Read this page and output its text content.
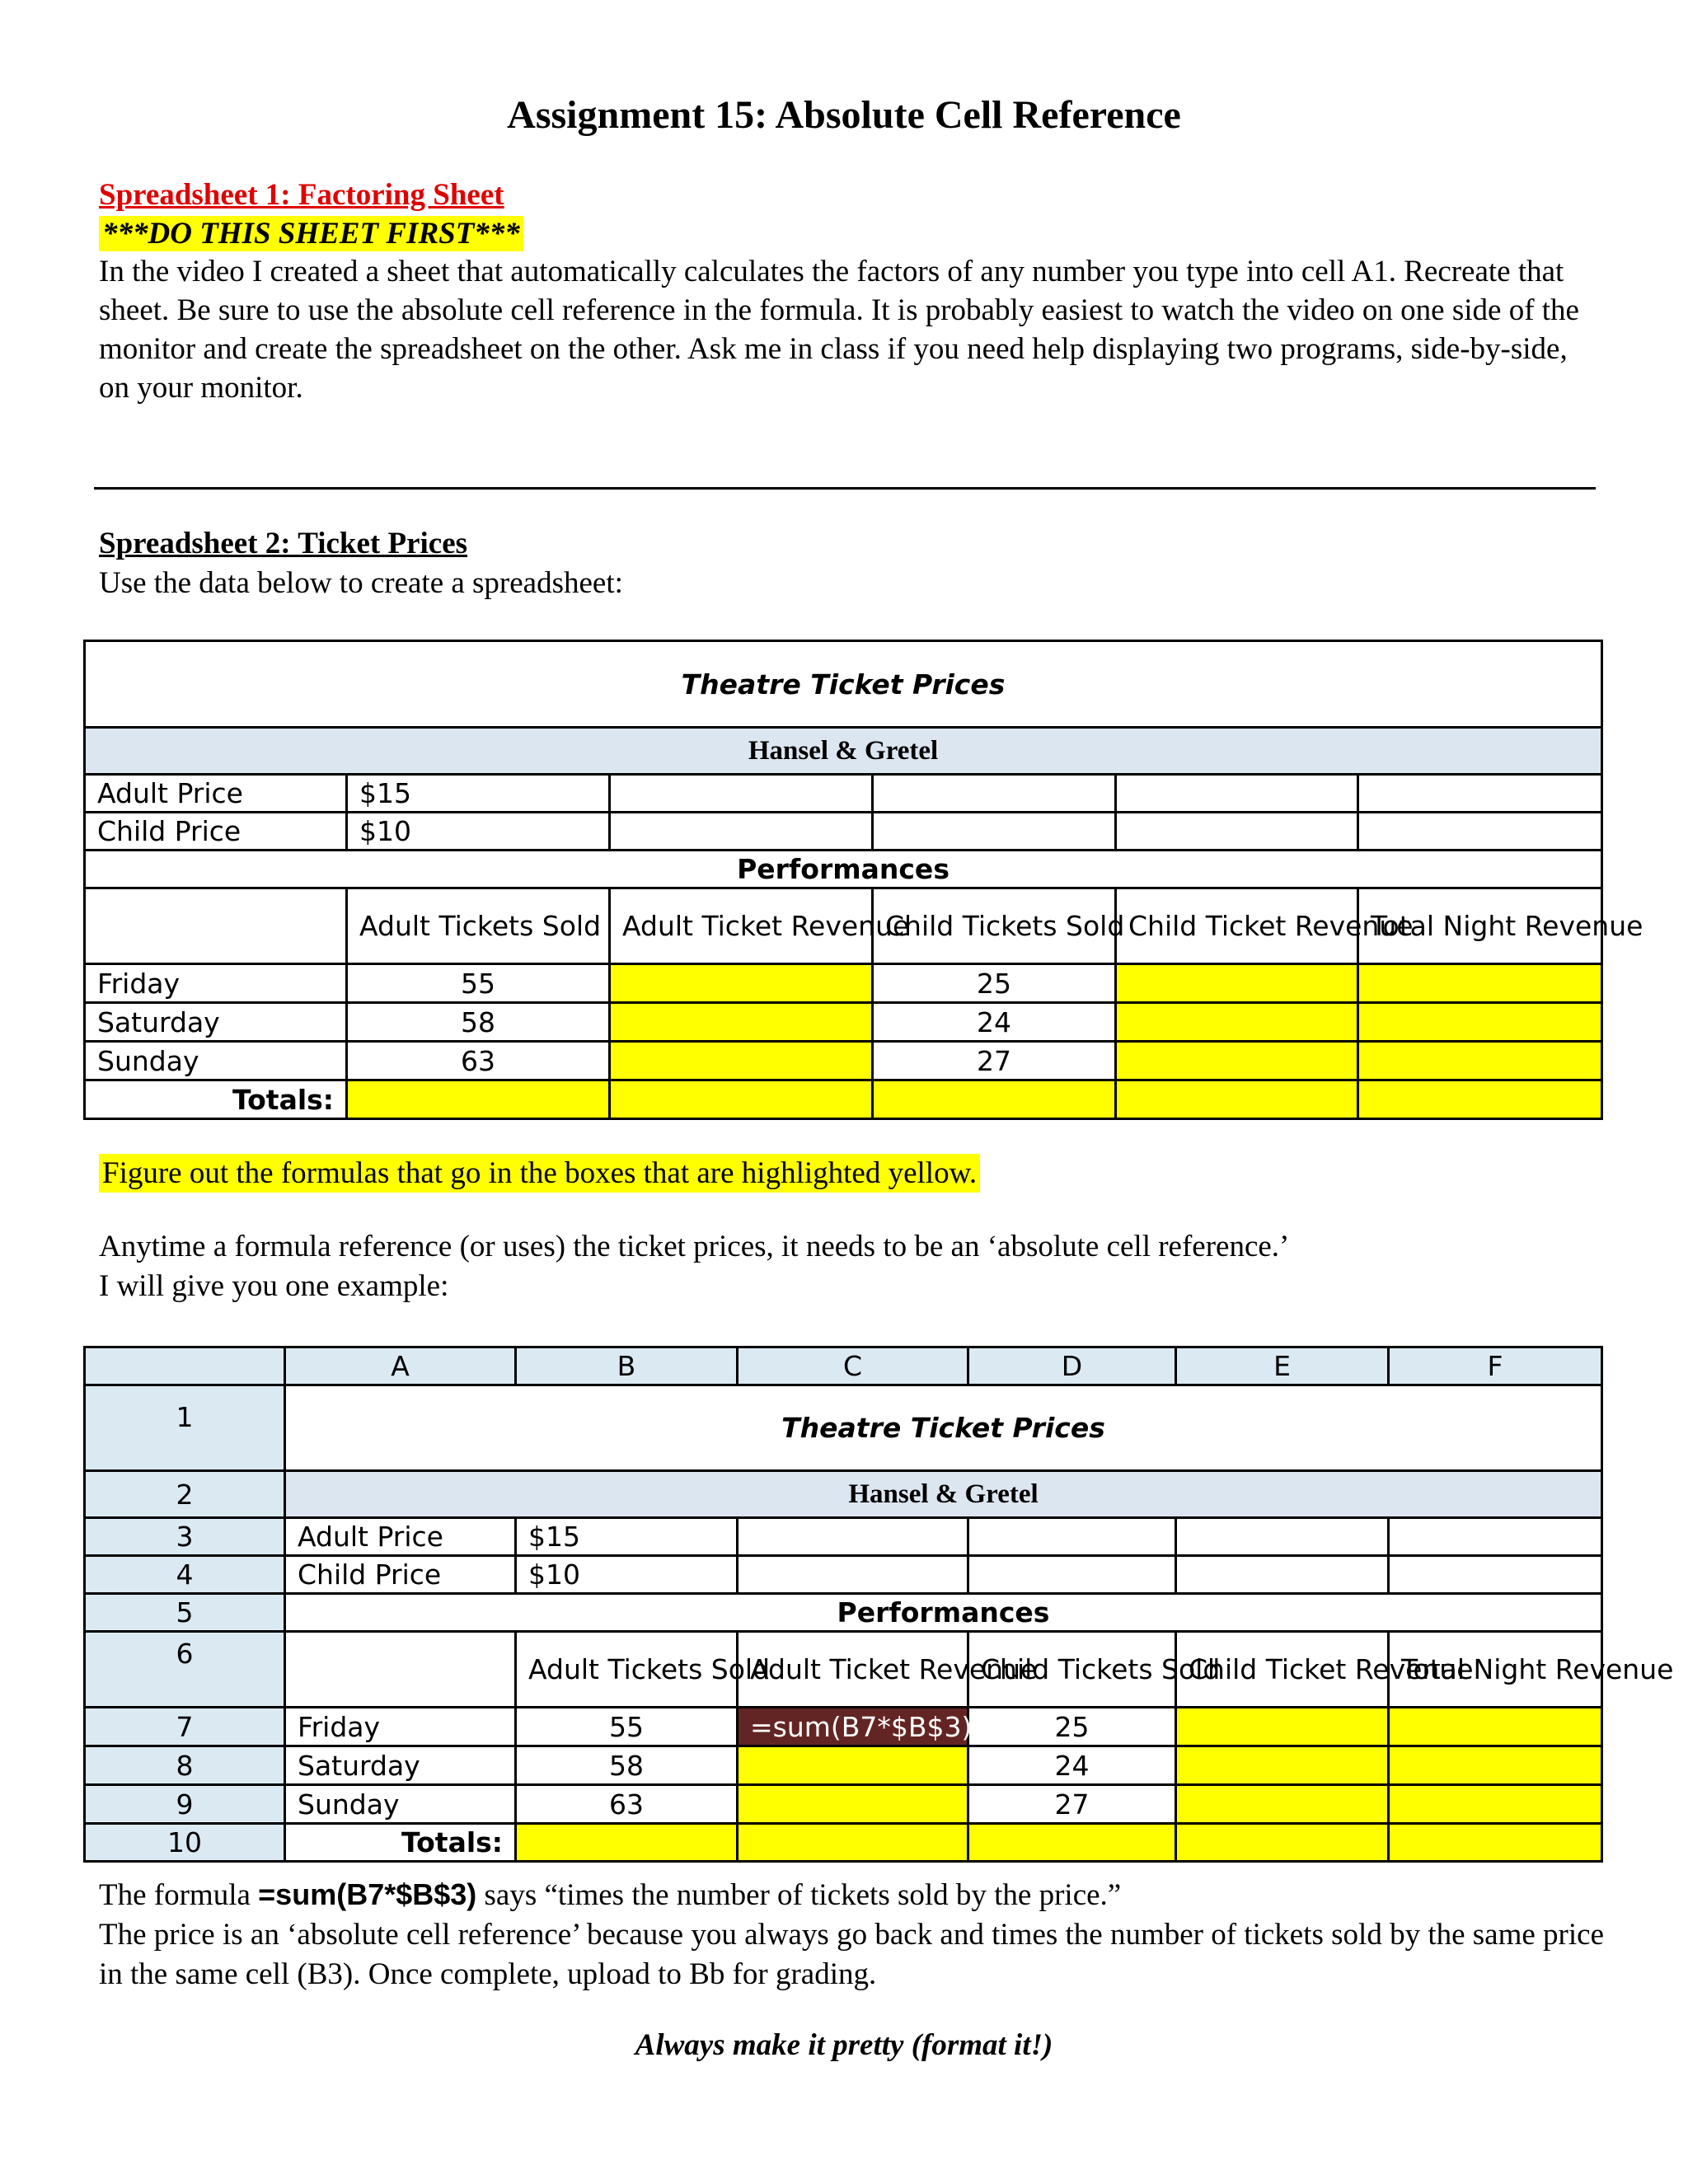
Assignment 15: Absolute Cell Reference
Spreadsheet 1: Factoring Sheet
***DO THIS SHEET FIRST***
In the video I created a sheet that automatically calculates the factors of any number you type into cell A1. Recreate that sheet. Be sure to use the absolute cell reference in the formula. It is probably easiest to watch the video on one side of the monitor and create the spreadsheet on the other. Ask me in class if you need help displaying two programs, side-by-side, on your monitor.
Spreadsheet 2: Ticket Prices
Use the data below to create a spreadsheet:
Theatre Ticket Prices					
Hansel & Gretel					
Adult Price	$15				
Child Price	$10				
Performances					
	Adult Tickets Sold	Adult Ticket Revenue	Child Tickets Sold	Child Ticket Revenue	Total Night Revenue
Friday	55		25		
Saturday	58		24		
Sunday	63		27		
Totals:					
Figure out the formulas that go in the boxes that are highlighted yellow.
Anytime a formula reference (or uses) the ticket prices, it needs to be an ‘absolute cell reference.’
I will give you one example:
	A	B	C	D	E	F
1	Theatre Ticket Prices					
2	Hansel & Gretel					
3	Adult Price	$15				
4	Child Price	$10				
5	Performances					
6		Adult Tickets Sold	Adult Ticket Revenue	Child Tickets Sold	Child Ticket Revenue	Total Night Revenue
7	Friday	55	=sum(B7*$B$3)	25		
8	Saturday	58		24		
9	Sunday	63		27		
10	Totals:					
The formula =sum(B7*$B$3) says “times the number of tickets sold by the price.”
The price is an ‘absolute cell reference’ because you always go back and times the number of tickets sold by the same price in the same cell (B3). Once complete, upload to Bb for grading.
Always make it pretty (format it!)
